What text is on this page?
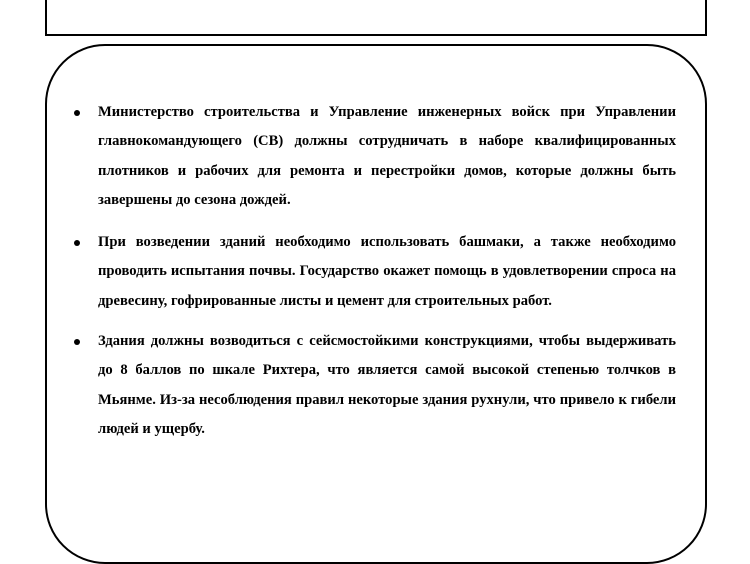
Министерство строительства и Управление инженерных войск при Управлении главнокомандующего (СВ) должны сотрудничать в наборе квалифицированных плотников и рабочих для ремонта и перестройки домов, которые должны быть завершены до сезона дождей.
При возведении зданий необходимо использовать башмаки, а также необходимо проводить испытания почвы. Государство окажет помощь в удовлетворении спроса на древесину, гофрированные листы и цемент для строительных работ.
Здания должны возводиться с сейсмостойкими конструкциями, чтобы выдерживать до 8 баллов по шкале Рихтера, что является самой высокой степенью толчков в Мьянме. Из-за несоблюдения правил некоторые здания рухнули, что привело к гибели людей и ущербу.
